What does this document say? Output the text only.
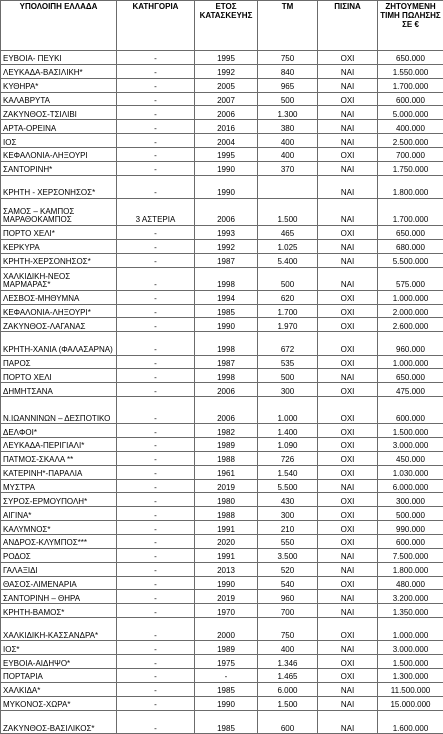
ΥΠΟΛΟΙΠΗ ΕΛΛΑΔΑ	ΚΑΤΗΓΟΡΙΑ	ΕΤΟΣ ΚΑΤΑΣΚΕΥΗΣ	ΤΜ	ΠΙΣΙΝΑ	ΖΗΤΟΥΜΕΝΗ ΤΙΜΗ ΠΩΛΗΣΗΣ ΣΕ €
ΕΥΒΟΙΑ- ΠΕΥΚΙ	-	1995	750	ΟΧΙ	650.000
ΛΕΥΚΑΔΑ-ΒΑΣΙΛΙΚΗ*	-	1992	840	ΝΑΙ	1.550.000
ΚΥΘΗΡΑ*	-	2005	965	ΝΑΙ	1.700.000
ΚΑΛΑΒΡΥΤΑ	-	2007	500	ΟΧΙ	600.000
ΖΑΚΥΝΘΟΣ-ΤΣΙΛΙΒΙ	-	2006	1.300	ΝΑΙ	5.000.000
ΑΡΤΑ-ΟΡΕΙΝΑ	-	2016	380	ΝΑΙ	400.000
ΙΟΣ	-	2004	400	ΝΑΙ	2.500.000
ΚΕΦΑΛΟΝΙΑ-ΛΗΞΟΥΡΙ	-	1995	400	ΟΧΙ	700.000
ΣΑΝΤΟΡΙΝΗ*	-	1990	370	ΝΑΙ	1.750.000
ΚΡΗΤΗ - ΧΕΡΣΟΝΗΣΟΣ*	-	1990		ΝΑΙ	1.800.000
ΣΑΜΟΣ – ΚΑΜΠΟΣ ΜΑΡΑΘΟΚΑΜΠΟΣ	3 ΑΣΤΕΡΙΑ	2006	1.500	ΝΑΙ	1.700.000
ΠΟΡΤΟ ΧΕΛΙ*	-	1993	465	ΟΧΙ	650.000
ΚΕΡΚΥΡΑ	-	1992	1.025	ΝΑΙ	680.000
ΚΡΗΤΗ-ΧΕΡΣΟΝΗΣΟΣ*	-	1987	5.400	ΝΑΙ	5.500.000
ΧΑΛΚΙΔΙΚΗ-ΝΕΟΣ ΜΑΡΜΑΡΑΣ*	-	1998	500	ΝΑΙ	575.000
ΛΕΣΒΟΣ-ΜΗΘΥΜΝΑ	-	1994	620	ΟΧΙ	1.000.000
ΚΕΦΑΛΟΝΙΑ-ΛΗΞΟΥΡΙ*	-	1985	1.700	ΟΧΙ	2.000.000
ΖΑΚΥΝΘΟΣ-ΛΑΓΑΝΑΣ	-	1990	1.970	ΟΧΙ	2.600.000
ΚΡΗΤΗ-ΧΑΝΙΑ (ΦΑΛΑΣΑΡΝΑ)	-	1998	672	ΟΧΙ	960.000
ΠΑΡΟΣ	-	1987	535	ΟΧΙ	1.000.000
ΠΟΡΤΟ ΧΕΛΙ	-	1998	500	ΝΑΙ	650.000
ΔΗΜΗΤΣΑΝΑ	-	2006	300	ΟΧΙ	475.000
Ν.ΙΩΑΝΝΙΝΩΝ – ΔΕΣΠΟΤΙΚΟ	-	2006	1.000	ΟΧΙ	600.000
ΔΕΛΦΟΙ*	-	1982	1.400	ΟΧΙ	1.500.000
ΛΕΥΚΑΔΑ-ΠΕΡΙΓΙΑΛΙ*	-	1989	1.090	ΟΧΙ	3.000.000
ΠΑΤΜΟΣ-ΣΚΑΛΑ **	-	1988	726	ΟΧΙ	450.000
ΚΑΤΕΡΙΝΗ*-ΠΑΡΑΛΙΑ	-	1961	1.540	ΟΧΙ	1.030.000
ΜΥΣΤΡΑ	-	2019	5.500	ΝΑΙ	6.000.000
ΣΥΡΟΣ-ΕΡΜΟΥΠΟΛΗ*	-	1980	430	ΟΧΙ	300.000
ΑΙΓΙΝΑ*	-	1988	300	ΟΧΙ	500.000
ΚΑΛΥΜΝΟΣ*	-	1991	210	ΟΧΙ	990.000
ΑΝΔΡΟΣ-ΚΛΥΜΠΟΣ***	-	2020	550	ΟΧΙ	600.000
ΡΟΔΟΣ	-	1991	3.500	ΝΑΙ	7.500.000
ΓΑΛΑΞΙΔΙ	-	2013	520	ΝΑΙ	1.800.000
ΘΑΣΟΣ-ΛΙΜΕΝΑΡΙΑ	-	1990	540	ΟΧΙ	480.000
ΣΑΝΤΟΡΙΝΗ – ΘΗΡΑ	-	2019	960	ΝΑΙ	3.200.000
ΚΡΗΤΗ-ΒΑΜΟΣ*	-	1970	700	ΝΑΙ	1.350.000
ΧΑΛΚΙΔΙΚΗ-ΚΑΣΣΑΝΔΡΑ*	-	2000	750	ΟΧΙ	1.000.000
ΙΟΣ*	-	1989	400	ΝΑΙ	3.000.000
ΕΥΒΟΙΑ-ΑΙΔΗΨΟ*	-	1975	1.346	ΟΧΙ	1.500.000
ΠΟΡΤΑΡΙΑ	-	-	1.465	ΟΧΙ	1.300.000
ΧΑΛΚΙΔΑ*	-	1985	6.000	ΝΑΙ	11.500.000
ΜΥΚΟΝΟΣ-ΧΩΡΑ*	-	1990	1.500	ΝΑΙ	15.000.000
ΖΑΚΥΝΘΟΣ-ΒΑΣΙΛΙΚΟΣ*	-	1985	600	ΝΑΙ	1.600.000
